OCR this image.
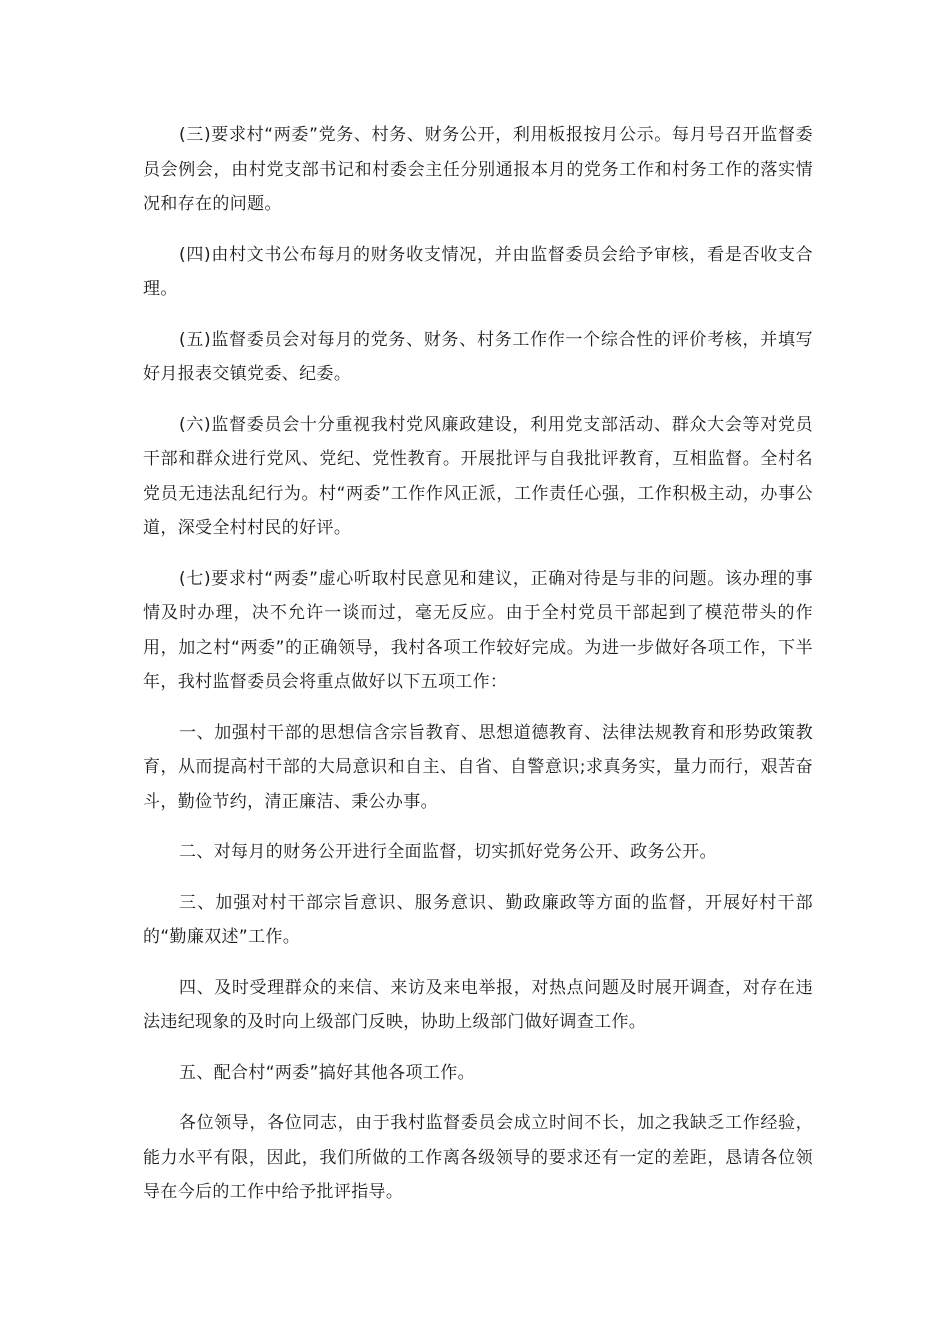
(三)要求村“两委”党务、村务、财务公开，利用板报按月公示。每月号召开监督委员会例会，由村党支部书记和村委会主任分别通报本月的党务工作和村务工作的落实情况和存在的问题。

(四)由村文书公布每月的财务收支情况，并由监督委员会给予审核，看是否收支合理。

(五)监督委员会对每月的党务、财务、村务工作作一个综合性的评价考核，并填写好月报表交镇党委、纪委。

(六)监督委员会十分重视我村党风廉政建设，利用党支部活动、群众大会等对党员干部和群众进行党风、党纪、党性教育。开展批评与自我批评教育，互相监督。全村名党员无违法乱纪行为。村“两委”工作作风正派，工作责任心强，工作积极主动，办事公道，深受全村村民的好评。

(七)要求村“两委”虚心听取村民意见和建议，正确对待是与非的问题。该办理的事情及时办理，决不允许一谈而过，毫无反应。由于全村党员干部起到了模范带头的作用，加之村“两委”的正确领导，我村各项工作较好完成。为进一步做好各项工作，下半年，我村监督委员会将重点做好以下五项工作：

一、加强村干部的思想信含宗旨教育、思想道德教育、法律法规教育和形势政策教育，从而提高村干部的大局意识和自主、自省、自警意识;求真务实，量力而行，艰苦奋斗，勤俭节约，清正廉洁、秉公办事。

二、对每月的财务公开进行全面监督，切实抓好党务公开、政务公开。

三、加强对村干部宗旨意识、服务意识、勤政廉政等方面的监督，开展好村干部的“勤廉双述”工作。

四、及时受理群众的来信、来访及来电举报，对热点问题及时展开调查，对存在违法违纪现象的及时向上级部门反映，协助上级部门做好调查工作。

五、配合村“两委”搞好其他各项工作。

各位领导，各位同志，由于我村监督委员会成立时间不长，加之我缺乏工作经验，能力水平有限，因此，我们所做的工作离各级领导的要求还有一定的差距，恳请各位领导在今后的工作中给予批评指导。
